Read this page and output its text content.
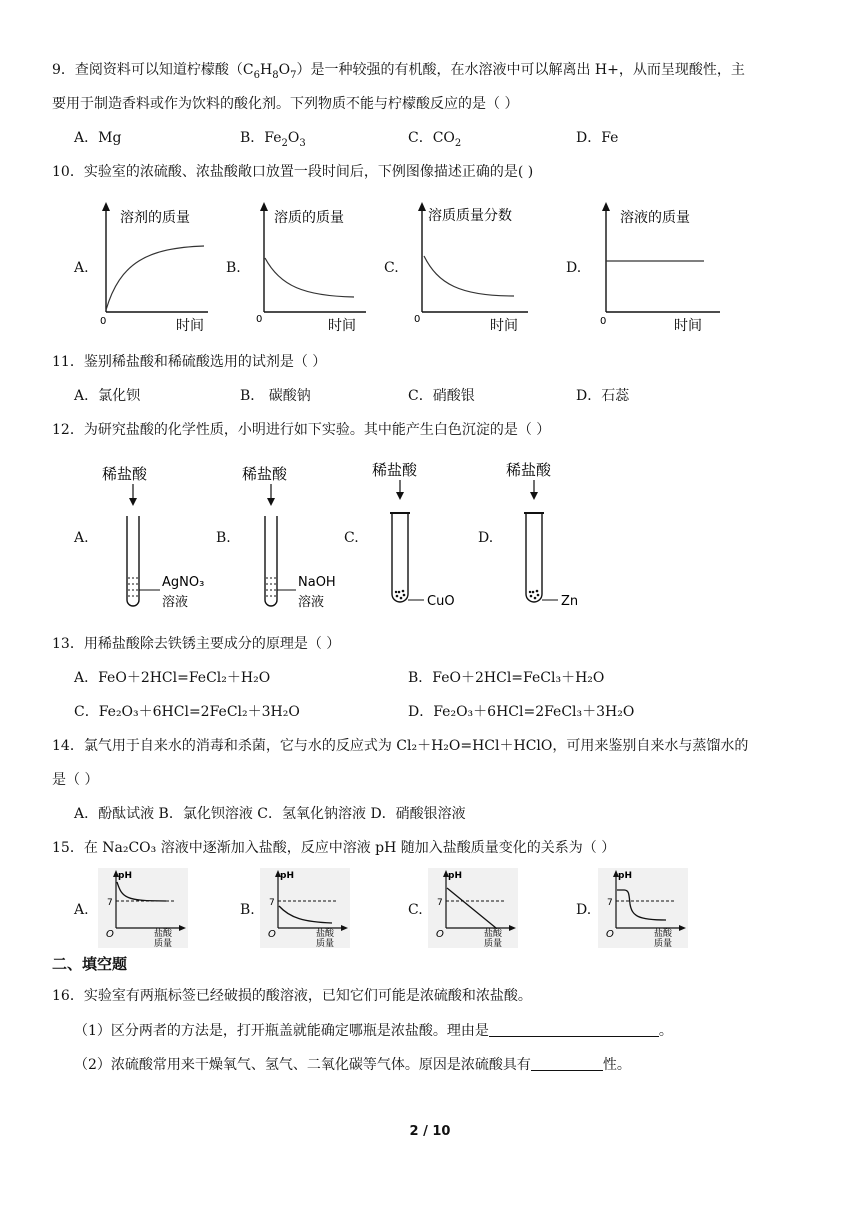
9．查阅资料可以知道柠檬酸$(C_6H_8O_7)$是一种较强的有机酸，在水溶液中可以解离出 H+，从而呈现酸性，主
要用于制造香料或作为饮料的酸化剂。下列物质不能与柠檬酸反应的是（ ）
A．Mg	B．$Fe_2O_3$	C．$CO_2$	D．Fe
10．实验室的浓硫酸、浓盐酸敞口放置一段时间后，下例图像描述正确的是( )
A.
溶剂的质量
0	时间
B.
溶质的质量
0	时间
C.
溶质质量分数
0	时间
D.
溶液的质量
0	时间
11．鉴别稀盐酸和稀硫酸选用的试剂是（ ）
A．氯化钡	B． 碳酸钠	C．硝酸银	D．石蕊
12．为研究盐酸的化学性质，小明进行如下实验。其中能产生白色沉淀的是（ ）
A.
稀盐酸
AgNO₃
溶液
B.
稀盐酸
NaOH
溶液
C.
稀盐酸
CuO
D.
稀盐酸
Zn
13．用稀盐酸除去铁锈主要成分的原理是（ ）
A．FeO＋2HCl=FeCl₂＋H₂O	B．FeO＋2HCl=FeCl₃＋H₂O
C．Fe₂O₃＋6HCl=2FeCl₂＋3H₂O	D．Fe₂O₃＋6HCl=2FeCl₃＋3H₂O
14．氯气用于自来水的消毒和杀菌，它与水的反应式为 Cl₂＋H₂O=HCl＋HClO，可用来鉴别自来水与蒸馏水的
是（ ）
A．酚酞试液 B．氯化钡溶液 C．氢氧化钠溶液 D．硝酸银溶液
15．在 Na₂CO₃ 溶液中逐渐加入盐酸，反应中溶液 pH 随加入盐酸质量变化的关系为（ ）
A.
pH
7
O	盐酸
质量
B.
pH
7
O	盐酸
质量
C.
pH
7
O	盐酸
质量
D.
pH
7
O	盐酸
质量
二、填空题
16．实验室有两瓶标签已经破损的酸溶液，已知它们可能是浓硫酸和浓盐酸。
（1）区分两者的方法是，打开瓶盖就能确定哪瓶是浓盐酸。理由是	。
（2）浓硫酸常用来干燥氧气、氢气、二氧化碳等气体。原因是浓硫酸具有	性。
2 / 10
